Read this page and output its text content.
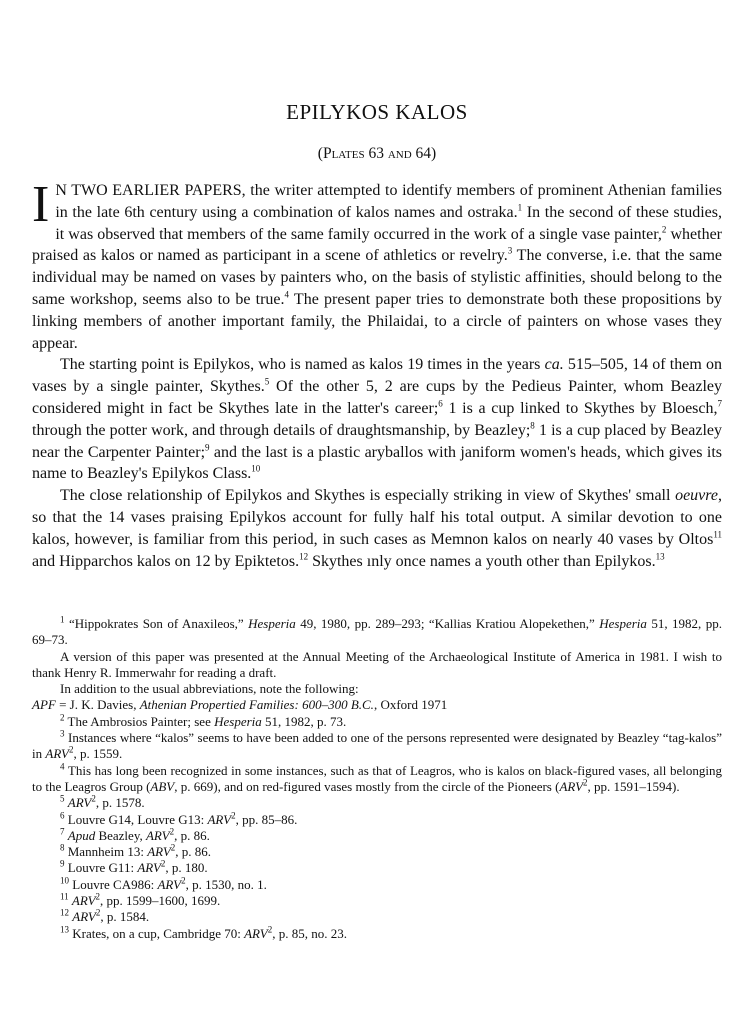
EPILYKOS KALOS
(Plates 63 and 64)

I N TWO EARLIER PAPERS, the writer attempted to identify members of prominent Athenian families in the late 6th century using a combination of kalos names and ostraka.$^1$ In the second of these studies, it was observed that members of the same family occurred in the work of a single vase painter,$^2$ whether praised as kalos or named as participant in a scene of athletics or revelry.$^3$ The converse, i.e. that the same individual may be named on vases by painters who, on the basis of stylistic affinities, should belong to the same workshop, seems also to be true.$^4$ The present paper tries to demonstrate both these propositions by linking members of another important family, the Philaidai, to a circle of painters on whose vases they appear.

The starting point is Epilykos, who is named as kalos 19 times in the years ca. 515–505, 14 of them on vases by a single painter, Skythes.$^5$ Of the other 5, 2 are cups by the Pedieus Painter, whom Beazley considered might in fact be Skythes late in the latter's career;$^6$ 1 is a cup linked to Skythes by Bloesch,$^7$ through the potter work, and through details of draughtsmanship, by Beazley;$^8$ 1 is a cup placed by Beazley near the Carpenter Painter;$^9$ and the last is a plastic aryballos with janiform women's heads, which gives its name to Beazley's Epilykos Class.$^{10}$

The close relationship of Epilykos and Skythes is especially striking in view of Skythes' small oeuvre, so that the 14 vases praising Epilykos account for fully half his total output. A similar devotion to one kalos, however, is familiar from this period, in such cases as Memnon kalos on nearly 40 vases by Oltos$^{11}$ and Hipparchos kalos on 12 by Epiktetos.$^{12}$ Skythes ınly once names a youth other than Epilykos.$^{13}$

$^1$ “Hippokrates Son of Anaxileos,” Hesperia 49, 1980, pp. 289–293; “Kallias Kratiou Alopekethen,” Hesperia 51, 1982, pp. 69–73.

A version of this paper was presented at the Annual Meeting of the Archaeological Institute of America in 1981. I wish to thank Henry R. Immerwahr for reading a draft.

In addition to the usual abbreviations, note the following:

APF = J. K. Davies, Athenian Propertied Families: 600–300 B.C., Oxford 1971

$^2$ The Ambrosios Painter; see Hesperia 51, 1982, p. 73.

$^3$ Instances where “kalos” seems to have been added to one of the persons represented were designated by Beazley “tag-kalos” in ARV$^2$, p. 1559.

$^4$ This has long been recognized in some instances, such as that of Leagros, who is kalos on black-figured vases, all belonging to the Leagros Group (ABV, p. 669), and on red-figured vases mostly from the circle of the Pioneers (ARV$^2$, pp. 1591–1594).

$^5$ ARV$^2$, p. 1578.

$^6$ Louvre G14, Louvre G13: ARV$^2$, pp. 85–86.

$^7$ Apud Beazley, ARV$^2$, p. 86.

$^8$ Mannheim 13: ARV$^2$, p. 86.

$^9$ Louvre G11: ARV$^2$, p. 180.

$^{10}$ Louvre CA986: ARV$^2$, p. 1530, no. 1.

$^{11}$ ARV$^2$, pp. 1599–1600, 1699.

$^{12}$ ARV$^2$, p. 1584.

$^{13}$ Krates, on a cup, Cambridge 70: ARV$^2$, p. 85, no. 23.
